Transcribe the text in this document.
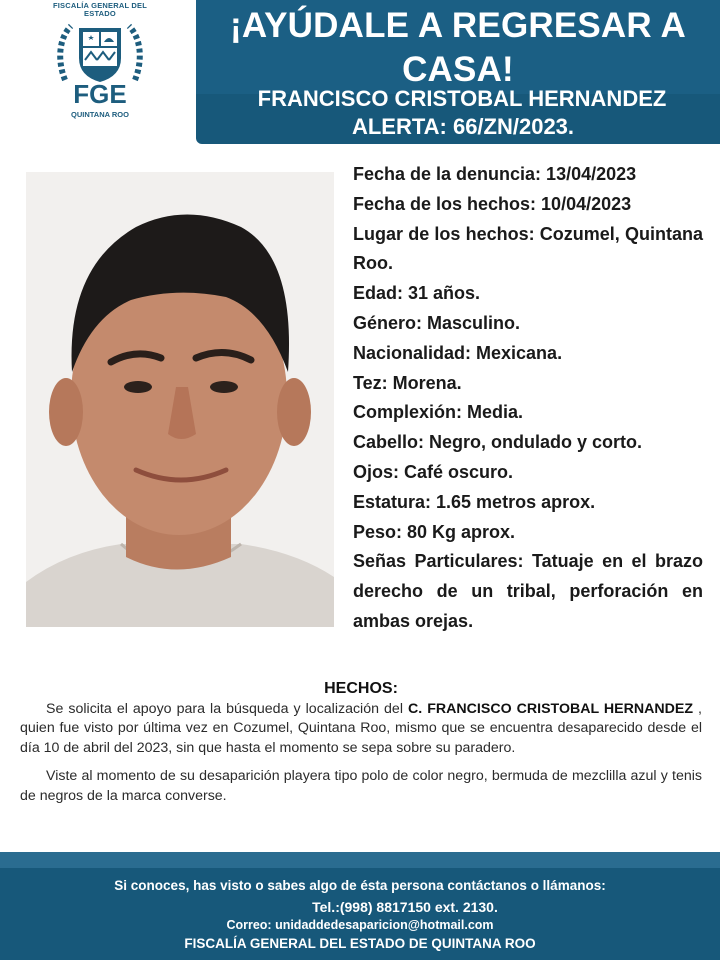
FISCALÍA GENERAL DEL ESTADO
FGE
QUINTANA ROO
¡AYÚDALE A REGRESAR A CASA!
FRANCISCO CRISTOBAL HERNANDEZ
ALERTA: 66/ZN/2023.
Fecha de la denuncia: 13/04/2023
Fecha de los hechos: 10/04/2023
Lugar de los hechos: Cozumel, Quintana Roo.
Edad: 31 años.
Género: Masculino.
Nacionalidad: Mexicana.
Tez: Morena.
Complexión: Media.
Cabello: Negro, ondulado y corto.
Ojos: Café oscuro.
Estatura: 1.65 metros aprox.
Peso: 80 Kg aprox.
Señas Particulares: Tatuaje en el brazo derecho de un tribal, perforación en ambas orejas.
HECHOS:

Se solicita el apoyo para la búsqueda y localización del C. FRANCISCO CRISTOBAL HERNANDEZ , quien fue visto por última vez en Cozumel, Quintana Roo, mismo que se encuentra desaparecido desde el día 10 de abril del 2023, sin que hasta el momento se sepa sobre su paradero.

Viste al momento de su desaparición playera tipo polo de color negro, bermuda de mezclilla azul y tenis de negros de la marca converse.

Si conoces, has visto o sabes algo de ésta persona contáctanos o llámanos:
Tel.:(998) 8817150 ext. 2130.
Correo: unidaddedesaparicion@hotmail.com
FISCALÍA GENERAL DEL ESTADO DE QUINTANA ROO
